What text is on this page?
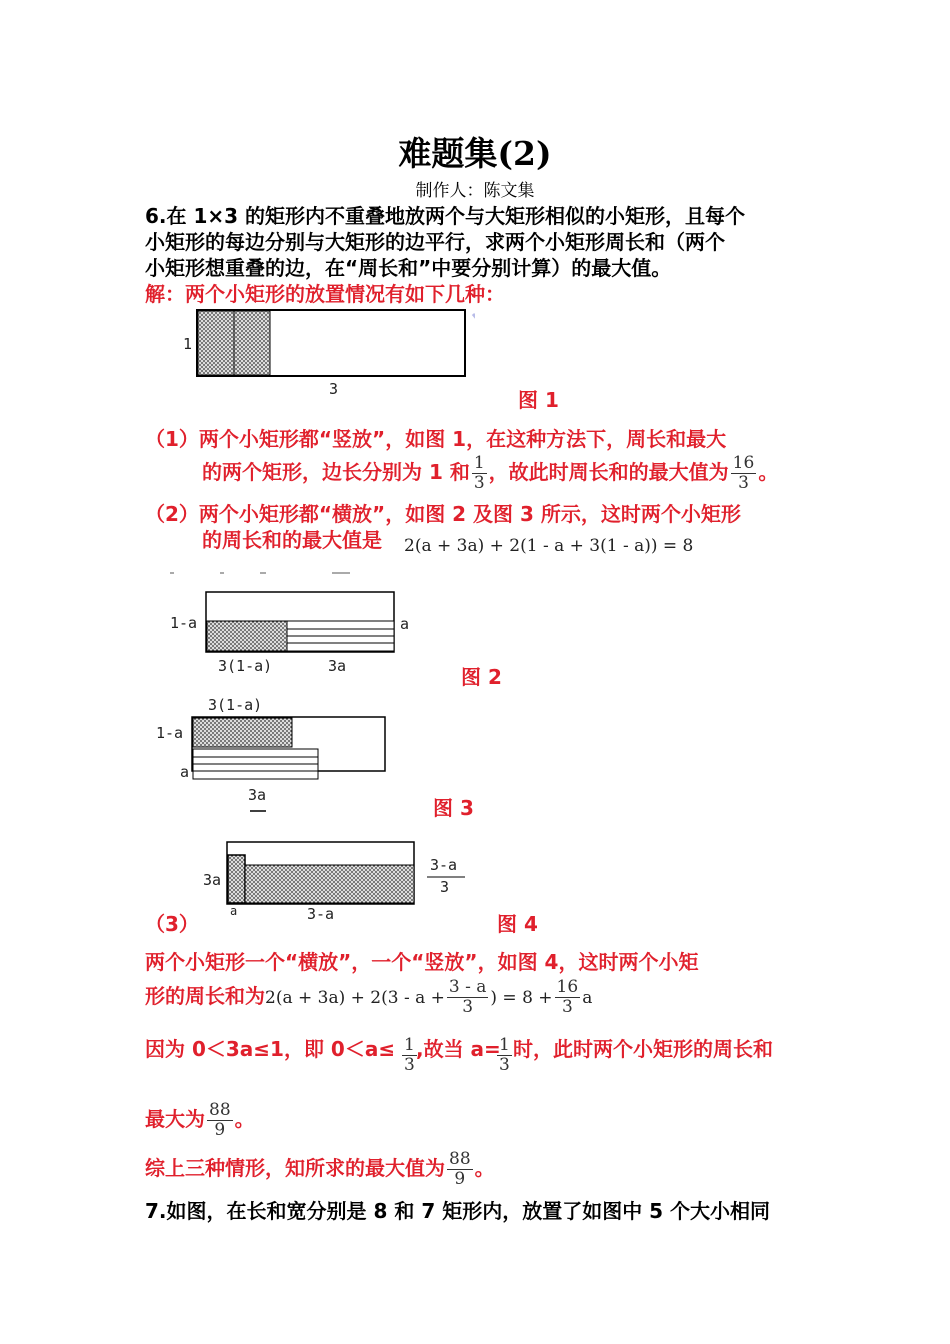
难题集(2)
制作人：陈文集
6.在 1×3 的矩形内不重叠地放两个与大矩形相似的小矩形，且每个
小矩形的每边分别与大矩形的边平行，求两个小矩形周长和（两个
小矩形想重叠的边，在“周长和”中要分别计算）的最大值。
解：两个小矩形的放置情况有如下几种：
1
3	图 1
（1）两个小矩形都“竖放”，如图 1，在这种方法下，周长和最大
的两个矩形，边长分别为 1 和 $\frac{1}{3}$ ，故此时周长和的最大值为 $\frac{16}{3}$ 。
（2）两个小矩形都“横放”，如图 2 及图 3 所示，这时两个小矩形
的周长和的最大值是 2(a + 3a) + 2(1 - a + 3(1 - a)) = 8
1-a	a
3(1-a)	3a	图 2
3(1-a)
1-a
a
3a
图 3
3a
a	3-a
3-a
3
（3）	图 4
两个小矩形一个“横放”，一个“竖放”，如图 4，这时两个小矩
形的周长和为$2(a + 3a) + 2(3 - a + \frac{3 - a}{3}$ ) = $8 + \frac{16}{3}$ a
因为 0＜3a≤1，即 $0<a\le \frac{1}{3}$ ,故当 a=
$\frac{1}{3}$ 时，此时两个小矩形的周长和
最大为 $\frac{88}{9}$ 。
综上三种情形，知所求的最大值为 $\frac{88}{9}$ 。
7.如图，在长和宽分别是 8 和 7 矩形内，放置了如图中 5 个大小相同
